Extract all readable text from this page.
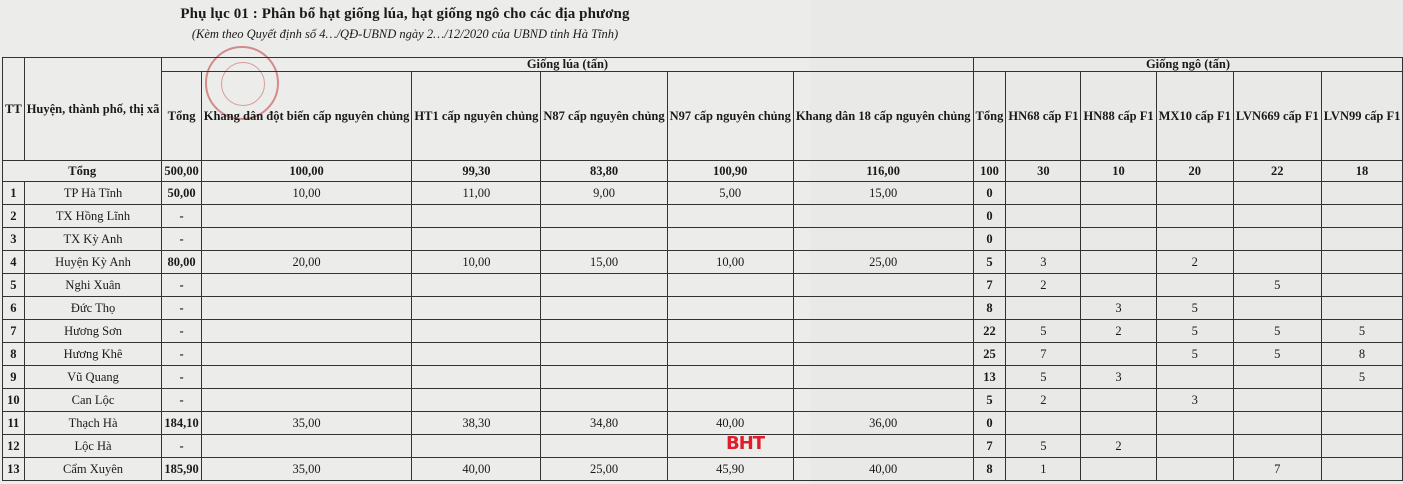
Phụ lục 01 : Phân bổ hạt giống lúa, hạt giống ngô cho các địa phương
(Kèm theo Quyết định số 4…/QĐ-UBND ngày 2…/12/2020 của UBND tỉnh Hà Tĩnh)
TT	Huyện, thành phố, thị xã	Giống lúa (tấn)						Giống ngô (tấn)					
		Tổng	Khang dân đột biến cấp nguyên chủng	HT1 cấp nguyên chủng	N87 cấp nguyên chủng	N97 cấp nguyên chủng	Khang dân 18 cấp nguyên chủng	Tổng	HN68 cấp F1	HN88 cấp F1	MX10 cấp F1	LVN669 cấp F1	LVN99 cấp F1
Tổng		500,00	100,00	99,30	83,80	100,90	116,00	100	30	10	20	22	18
1	TP Hà Tĩnh	50,00	10,00	11,00	9,00	5,00	15,00	0					
2	TX Hồng Lĩnh	-						0					
3	TX Kỳ Anh	-						0					
4	Huyện Kỳ Anh	80,00	20,00	10,00	15,00	10,00	25,00	5	3		2		
5	Nghi Xuân	-						7	2			5	
6	Đức Thọ	-						8		3	5		
7	Hương Sơn	-						22	5	2	5	5	5
8	Hương Khê	-						25	7		5	5	8
9	Vũ Quang	-						13	5	3			5
10	Can Lộc	-						5	2		3		
11	Thạch Hà	184,10	35,00	38,30	34,80	40,00	36,00	0					
12	Lộc Hà	-						7	5	2			
13	Cẩm Xuyên	185,90	35,00	40,00	25,00	45,90	40,00	8	1			7	
BHT
